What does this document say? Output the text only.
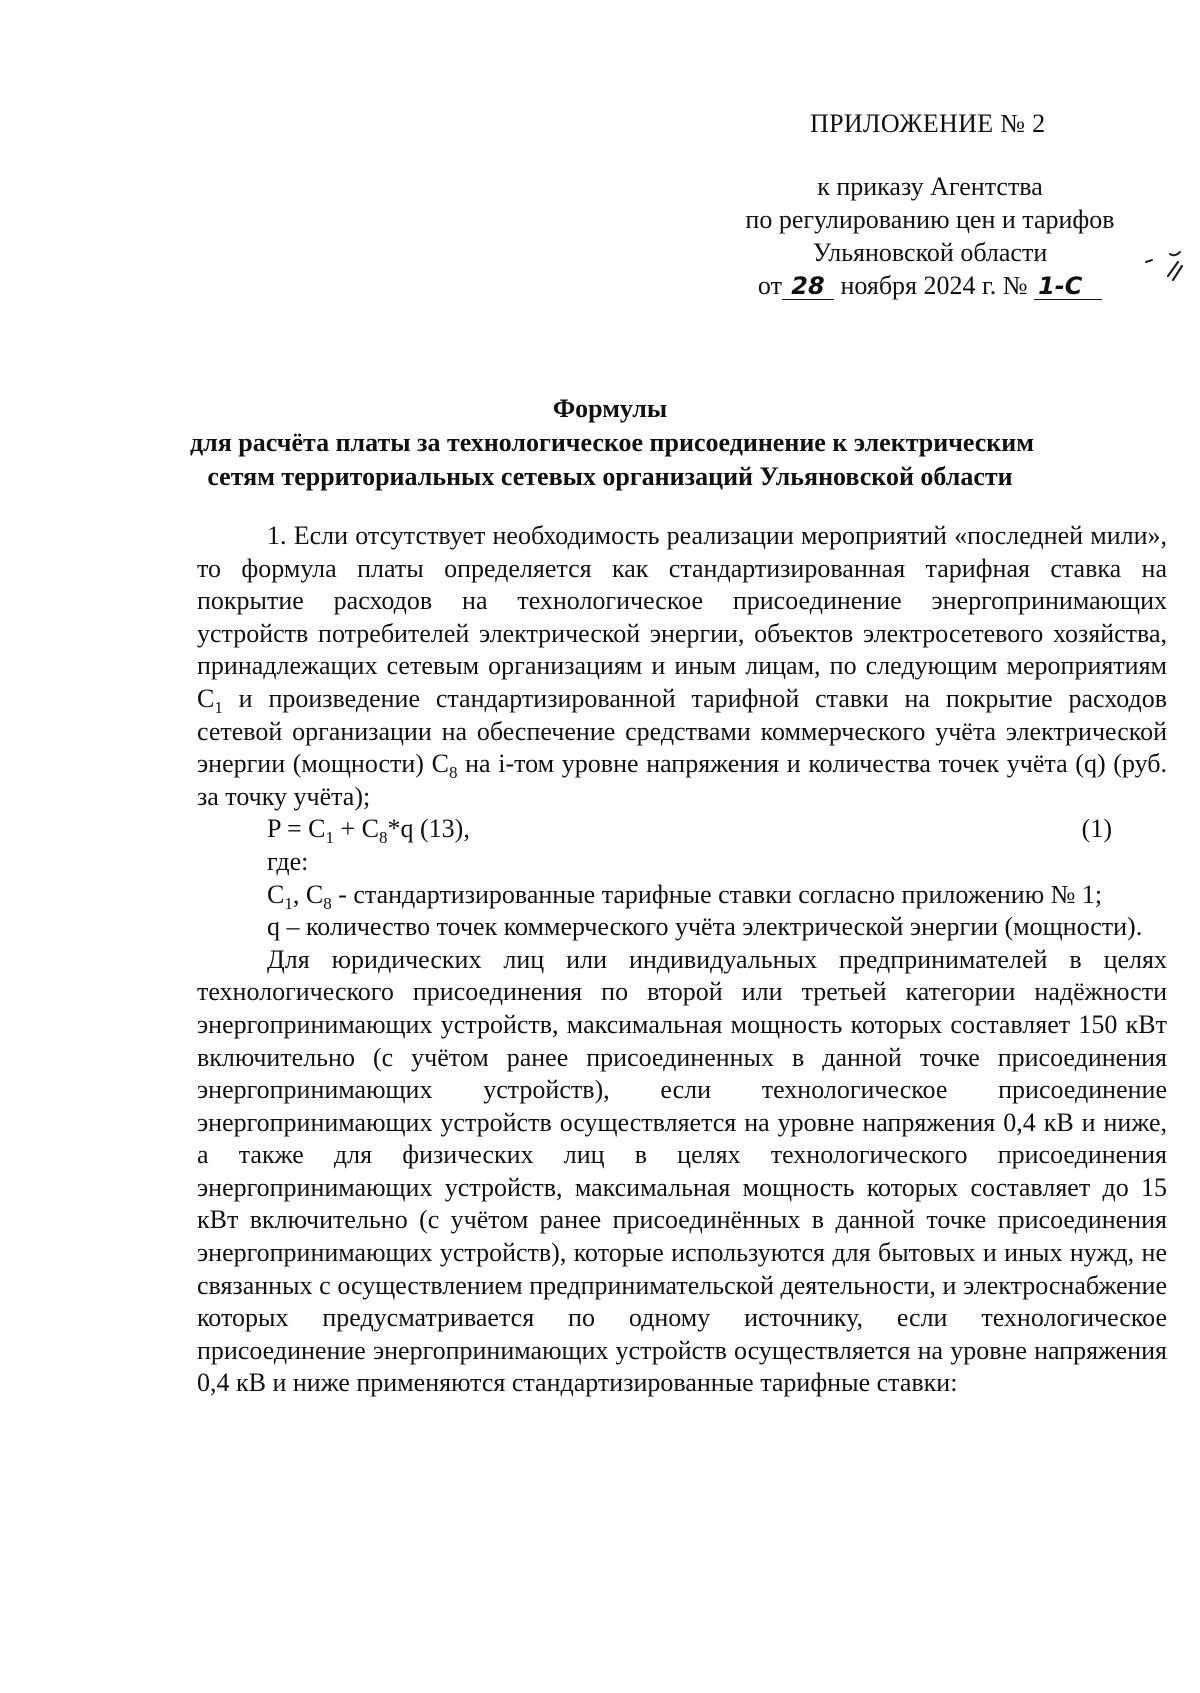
ПРИЛОЖЕНИЕ № 2
к приказу Агентства
по регулированию цен и тарифов
Ульяновской области
от 28 ноября 2024 г. № 1-С
Формулы
для расчёта платы за технологическое присоединение к электрическим
сетям территориальных сетевых организаций Ульяновской области

1. Если отсутствует необходимость реализации мероприятий «последней мили», то формула платы определяется как стандартизированная тарифная ставка на покрытие расходов на технологическое присоединение энергопринимающих устройств потребителей электрической энергии, объектов электросетевого хозяйства, принадлежащих сетевым организациям и иным лицам, по следующим мероприятиям $С_1$ и произведение стандартизированной тарифной ставки на покрытие расходов сетевой организации на обеспечение средствами коммерческого учёта электрической энергии (мощности) $С_8$ на i-том уровне напряжения и количества точек учёта (q) (руб. за точку учёта);

$P = C_1 + C_8*q$ (13),	(1)
где:

$С_1$, $С_8$ - стандартизированные тарифные ставки согласно приложению № 1;

q – количество точек коммерческого учёта электрической энергии (мощности).

Для юридических лиц или индивидуальных предпринимателей в целях технологического присоединения по второй или третьей категории надёжности энергопринимающих устройств, максимальная мощность которых составляет 150 кВт включительно (с учётом ранее присоединенных в данной точке присоединения энергопринимающих устройств), если технологическое присоединение энергопринимающих устройств осуществляется на уровне напряжения 0,4 кВ и ниже, а также для физических лиц в целях технологического присоединения энергопринимающих устройств, максимальная мощность которых составляет до 15 кВт включительно (с учётом ранее присоединённых в данной точке присоединения энергопринимающих устройств), которые используются для бытовых и иных нужд, не связанных с осуществлением предпринимательской деятельности, и электроснабжение которых предусматривается по одному источнику, если технологическое присоединение энергопринимающих устройств осуществляется на уровне напряжения 0,4 кВ и ниже применяются стандартизированные тарифные ставки:
